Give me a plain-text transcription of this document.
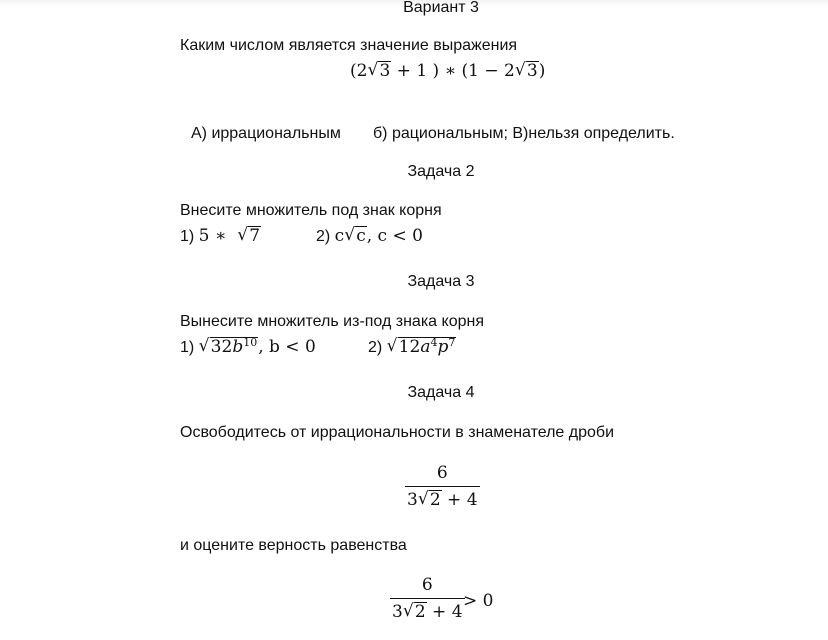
Вариант 3
Каким числом является значение выражения
(2 √ 3 + 1 ) ∗ (1 − 2 √ 3)
А) иррациональным б) рациональным; В)нельзя определить.
Задача 2
Внесите множитель под знак корня
1) 5 ∗ √ 7	2) c √ c, c < 0
Задача 3
Вынесите множитель из-под знака корня
1) √ $32b^{10}$, b < 0	2) √ $12a^4p^7$
Задача 4
Освободитесь от иррациональности в знаменателе дроби
$\frac{6}{3 √ 2 + 4}$
и оцените верность равенства
$\frac{6}{3 √ 2 + 4}$
> 0
